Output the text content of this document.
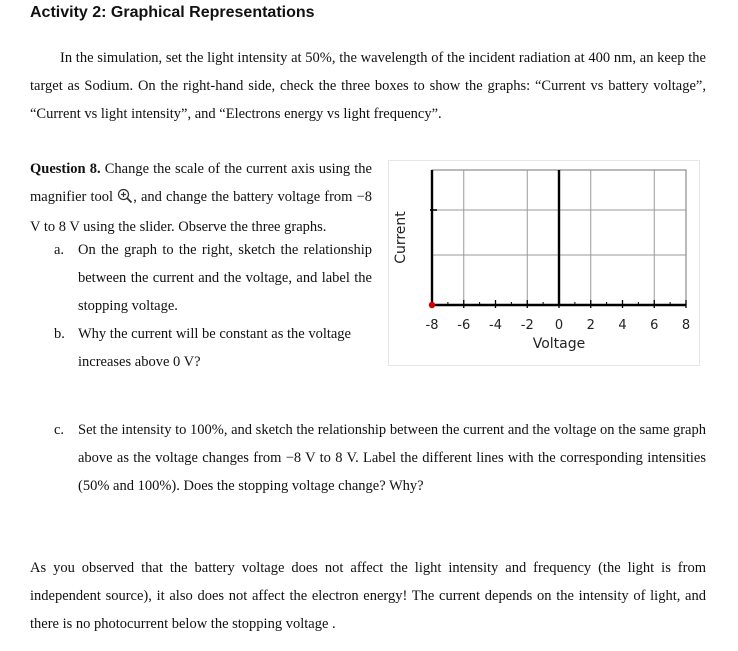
Activity 2: Graphical Representations

In the simulation, set the light intensity at 50%, the wavelength of the incident radiation at 400 nm, an keep the target as Sodium. On the right-hand side, check the three boxes to show the graphs: “Current vs battery voltage”, “Current vs light intensity”, and “Electrons energy vs light frequency”.

Question 8. Change the scale of the current axis using the magnifier tool , and change the battery voltage from −8 V to 8 V using the slider. Observe the three graphs.

a. On the graph to the right, sketch the relationship between the current and the voltage, and label the stopping voltage.

b. Why the current will be constant as the voltage increases above 0 V?

c. Set the intensity to 100%, and sketch the relationship between the current and the voltage on the same graph above as the voltage changes from −8 V to 8 V. Label the different lines with the corresponding intensities (50% and 100%). Does the stopping voltage change? Why?

-8 -6 -4 -2 0 2 4 6 8
Voltage
Current

As you observed that the battery voltage does not affect the light intensity and frequency (the light is from independent source), it also does not affect the electron energy! The current depends on the intensity of light, and there is no photocurrent below the stopping voltage .
